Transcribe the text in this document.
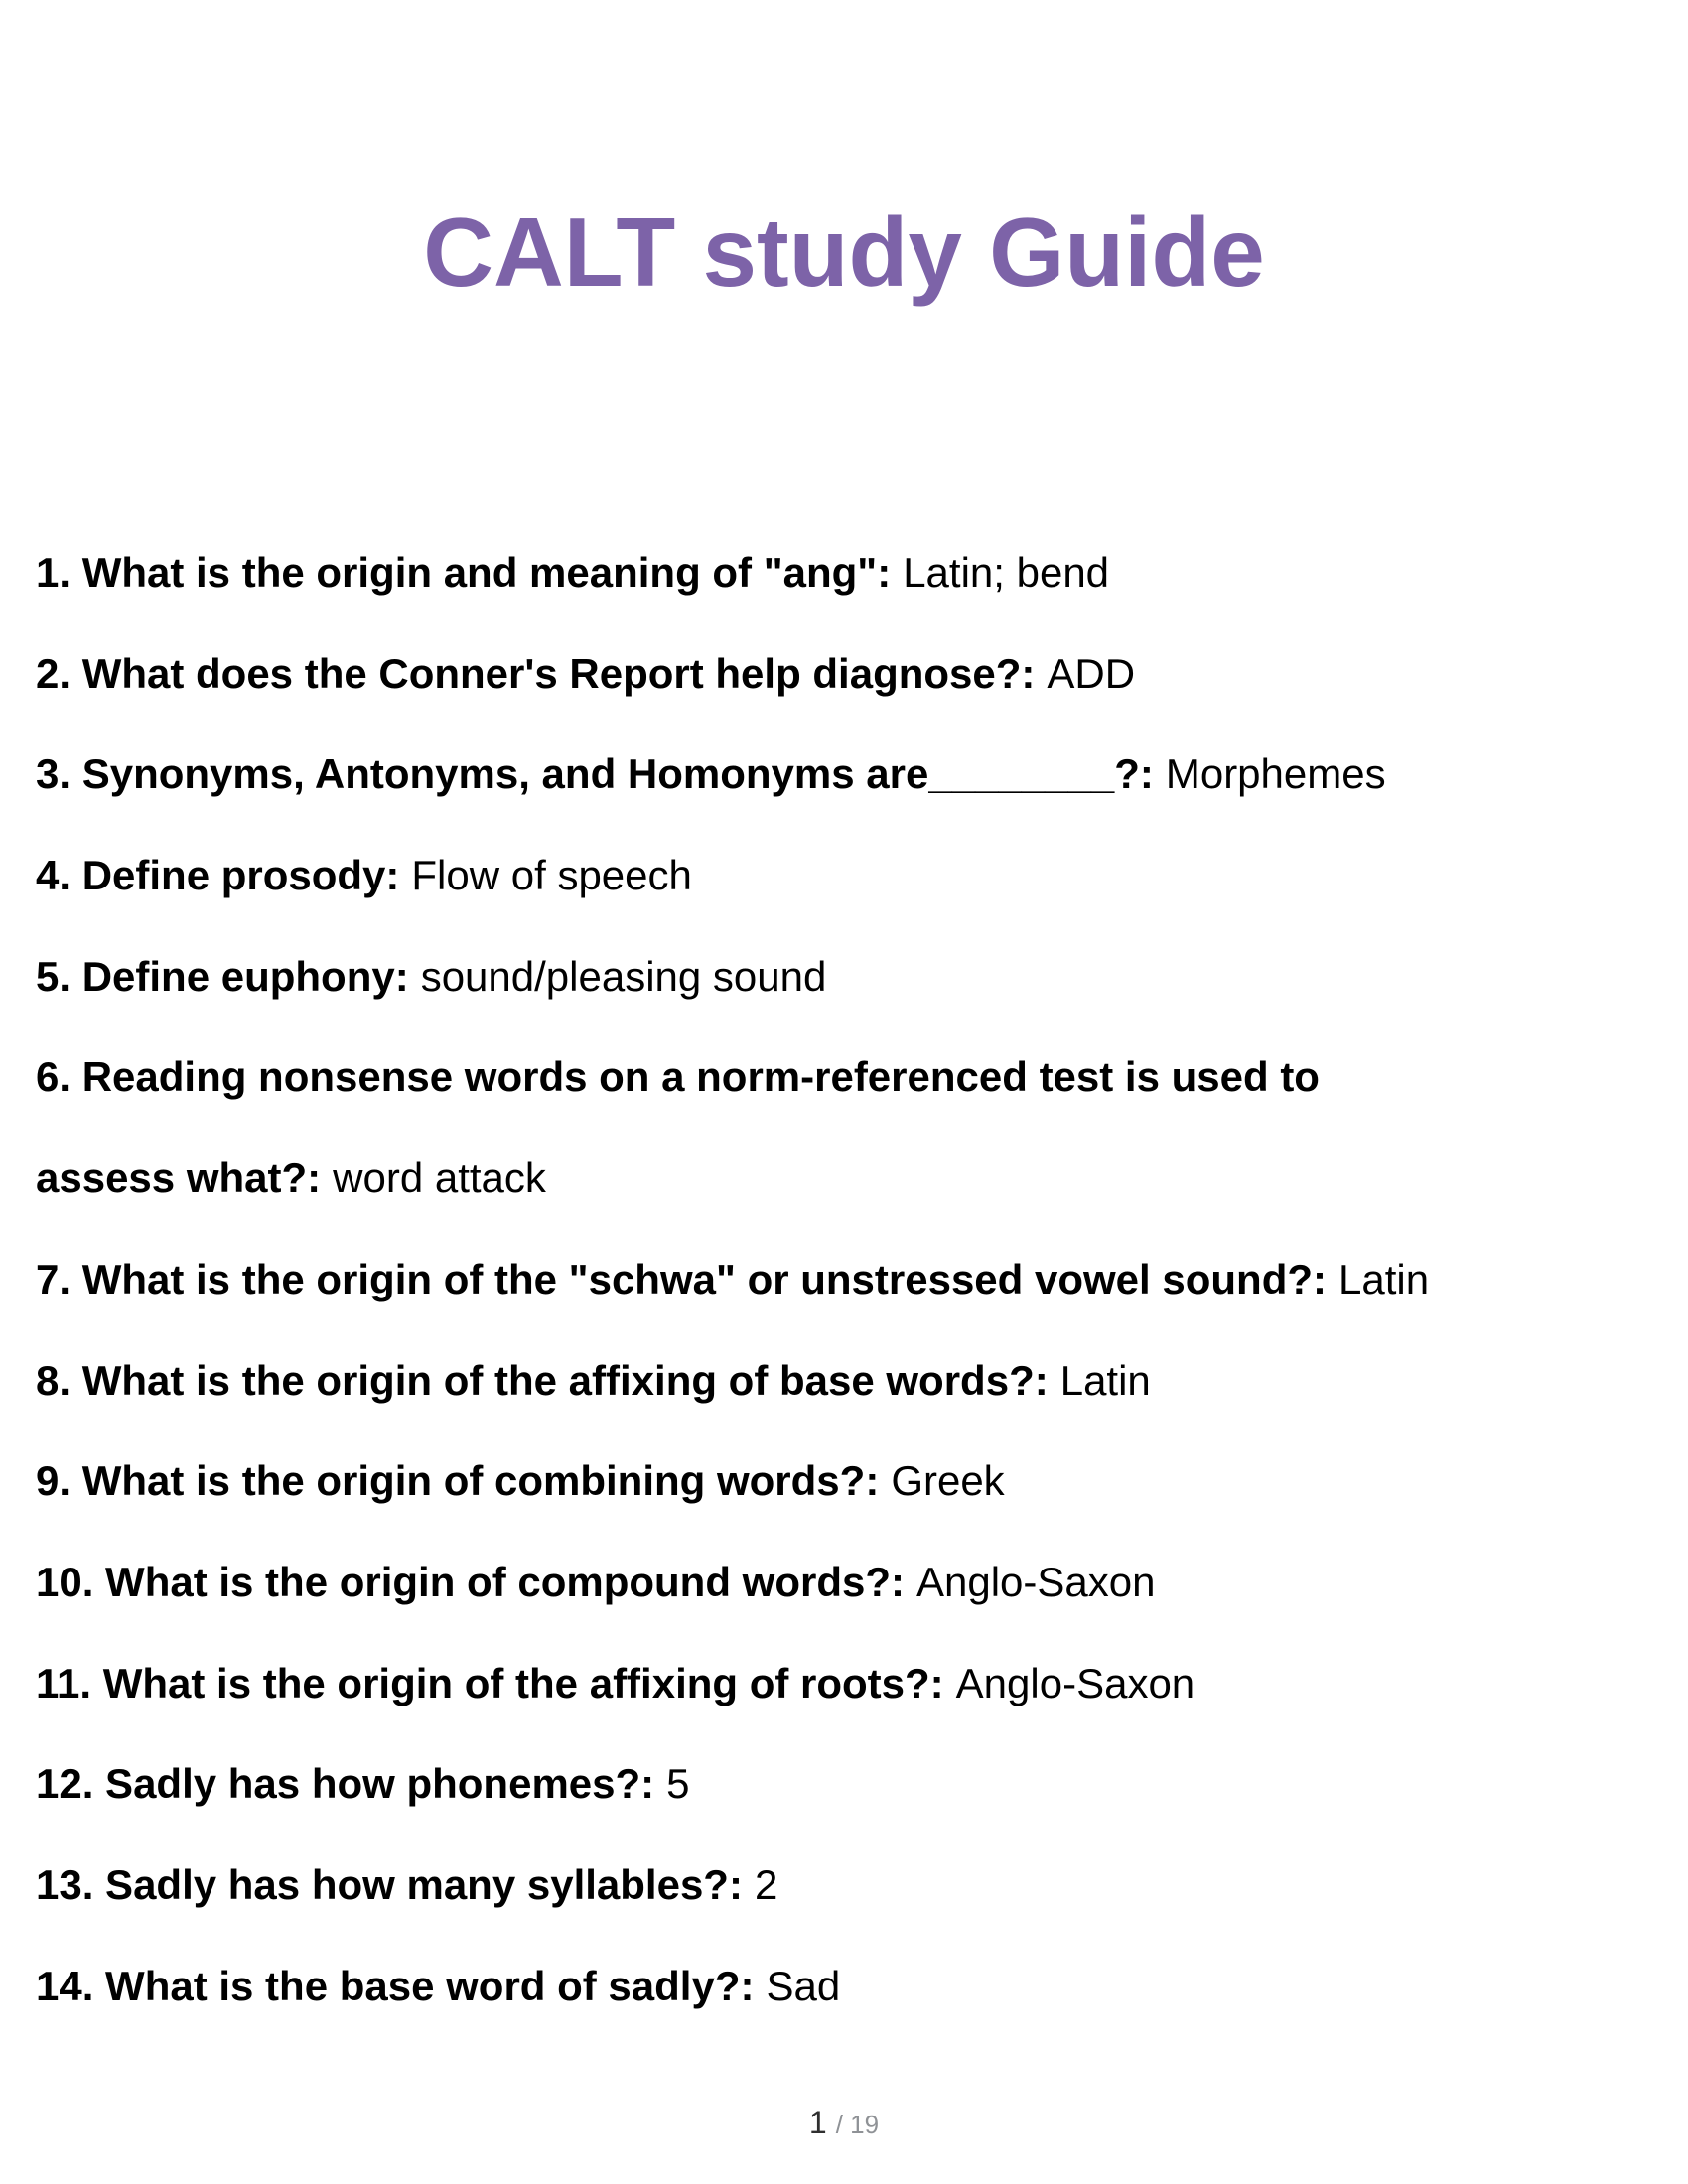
CALT study Guide
1. What is the origin and meaning of "ang": Latin; bend
2. What does the Conner's Report help diagnose?: ADD
3. Synonyms, Antonyms, and Homonyms are________?: Morphemes
4. Define prosody: Flow of speech
5. Define euphony: sound/pleasing sound
6. Reading nonsense words on a norm-referenced test is used to
assess what?: word attack
7. What is the origin of the "schwa" or unstressed vowel sound?: Latin
8. What is the origin of the affixing of base words?: Latin
9. What is the origin of combining words?: Greek
10. What is the origin of compound words?: Anglo-Saxon
11. What is the origin of the affixing of roots?: Anglo-Saxon
12. Sadly has how phonemes?: 5
13. Sadly has how many syllables?: 2
14. What is the base word of sadly?: Sad
1 / 19
